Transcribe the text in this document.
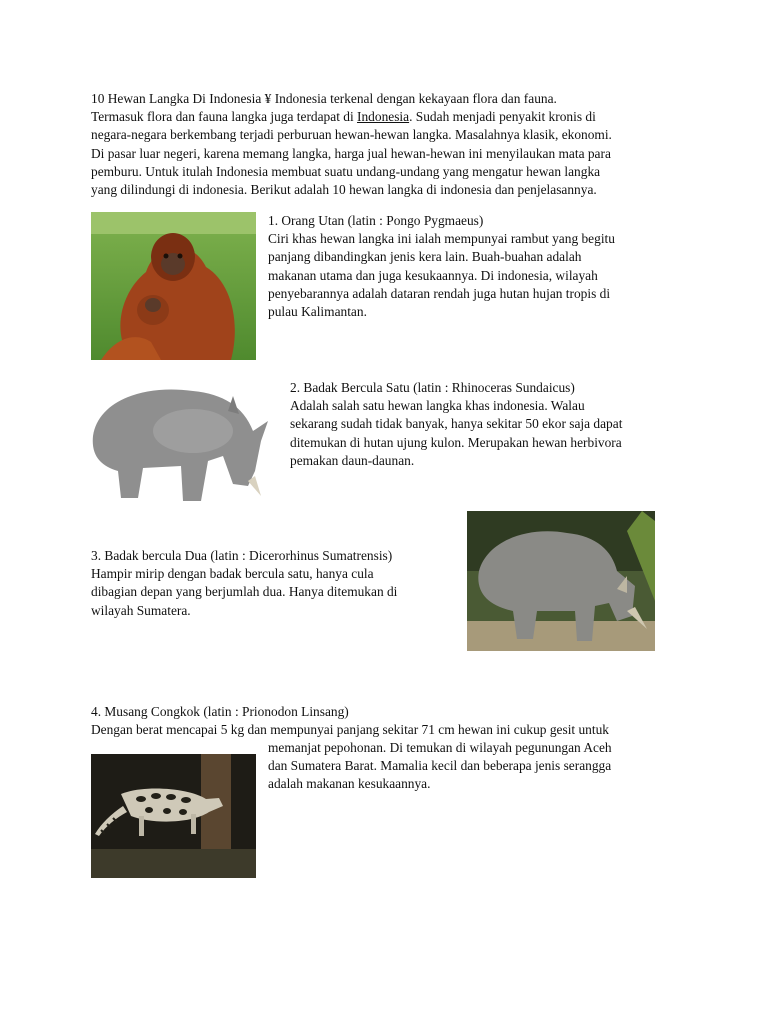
10 Hewan Langka Di Indonesia ¥ Indonesia terkenal dengan kekayaan flora dan fauna.
Termasuk flora dan fauna langka juga terdapat di Indonesia. Sudah menjadi penyakit kronis di
negara-negara berkembang terjadi perburuan hewan-hewan langka. Masalahnya klasik, ekonomi.
Di pasar luar negeri, karena memang langka, harga jual hewan-hewan ini menyilaukan mata para
pemburu. Untuk itulah Indonesia membuat suatu undang-undang yang mengatur hewan langka
yang dilindungi di indonesia. Berikut adalah 10 hewan langka di indonesia dan penjelasannya.
1. Orang Utan (latin : Pongo Pygmaeus)
Ciri khas hewan langka ini ialah mempunyai rambut yang begitu
panjang dibandingkan jenis kera lain. Buah-buahan adalah
makanan utama dan juga kesukaannya. Di indonesia, wilayah
penyebarannya adalah dataran rendah juga hutan hujan tropis di
pulau Kalimantan.
2. Badak Bercula Satu (latin : Rhinoceras Sundaicus)
Adalah salah satu hewan langka khas indonesia. Walau
sekarang sudah tidak banyak, hanya sekitar 50 ekor saja dapat
ditemukan di hutan ujung kulon. Merupakan hewan herbivora
pemakan daun-daunan.
3. Badak bercula Dua (latin : Dicerorhinus Sumatrensis)
Hampir mirip dengan badak bercula satu, hanya cula
dibagian depan yang berjumlah dua. Hanya ditemukan di
wilayah Sumatera.
4. Musang Congkok (latin : Prionodon Linsang)
Dengan berat mencapai 5 kg dan mempunyai panjang sekitar 71 cm hewan ini cukup gesit untuk
memanjat pepohonan. Di temukan di wilayah pegunungan Aceh
dan Sumatera Barat. Mamalia kecil dan beberapa jenis serangga
adalah makanan kesukaannya.
